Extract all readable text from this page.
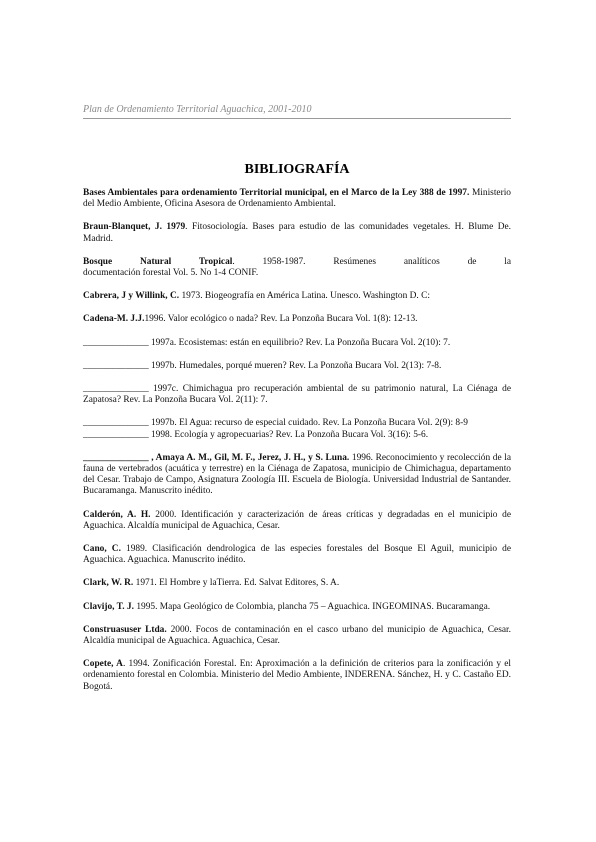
Plan de Ordenamiento Territorial Aguachica, 2001-2010
BIBLIOGRAFÍA

Bases Ambientales para ordenamiento Territorial municipal, en el Marco de la Ley 388 de 1997. Ministerio del Medio Ambiente, Oficina Asesora de Ordenamiento Ambiental.

Braun-Blanquet, J. 1979. Fitosociología. Bases para estudio de las comunidades vegetales. H. Blume De. Madrid.

Bosque Natural Tropical. 1958-1987. Resúmenes analíticos de la
documentación forestal Vol. 5. No 1-4 CONIF.

Cabrera, J y Willink, C. 1973. Biogeografía en América Latina. Unesco. Washington D. C:

Cadena-M. J.J.1996. Valor ecológico o nada? Rev. La Ponzoña Bucara Vol. 1(8): 12-13.

______________ 1997a. Ecosistemas: están en equilibrio? Rev. La Ponzoña Bucara Vol. 2(10): 7.

______________ 1997b. Humedales, porqué mueren? Rev. La Ponzoña Bucara Vol. 2(13): 7-8.

______________ 1997c. Chimichagua pro recuperación ambiental de su patrimonio natural, La Ciénaga de Zapatosa? Rev. La Ponzoña Bucara Vol. 2(11): 7.

______________ 1997b. El Agua: recurso de especial cuidado. Rev. La Ponzoña Bucara Vol. 2(9): 8-9

______________ 1998. Ecología y agropecuarias? Rev. La Ponzoña Bucara Vol. 3(16): 5-6.

______________ , Amaya A. M., Gil, M. F., Jerez, J. H., y S. Luna. 1996. Reconocimiento y recolección de la fauna de vertebrados (acuática y terrestre) en la Ciénaga de Zapatosa, municipio de Chimichagua, departamento del Cesar. Trabajo de Campo, Asignatura Zoología III. Escuela de Biología. Universidad Industrial de Santander. Bucaramanga. Manuscrito inédito.

Calderón, A. H. 2000. Identificación y caracterización de áreas críticas y degradadas en el municipio de Aguachica. Alcaldía municipal de Aguachica, Cesar.

Cano, C. 1989. Clasificación dendrologica de las especies forestales del Bosque El Aguil, municipio de Aguachica. Aguachica. Manuscrito inédito.

Clark, W. R. 1971. El Hombre y laTierra. Ed. Salvat Editores, S. A.

Clavijo, T. J. 1995. Mapa Geológico de Colombia, plancha 75 – Aguachica. INGEOMINAS. Bucaramanga.

Construasuser Ltda. 2000. Focos de contaminación en el casco urbano del municipio de Aguachica, Cesar. Alcaldía municipal de Aguachica. Aguachica, Cesar.

Copete, A. 1994. Zonificación Forestal. En: Aproximación a la definición de criterios para la zonificación y el ordenamiento forestal en Colombia. Ministerio del Medio Ambiente, INDERENA. Sánchez, H. y C. Castaño ED. Bogotá.
